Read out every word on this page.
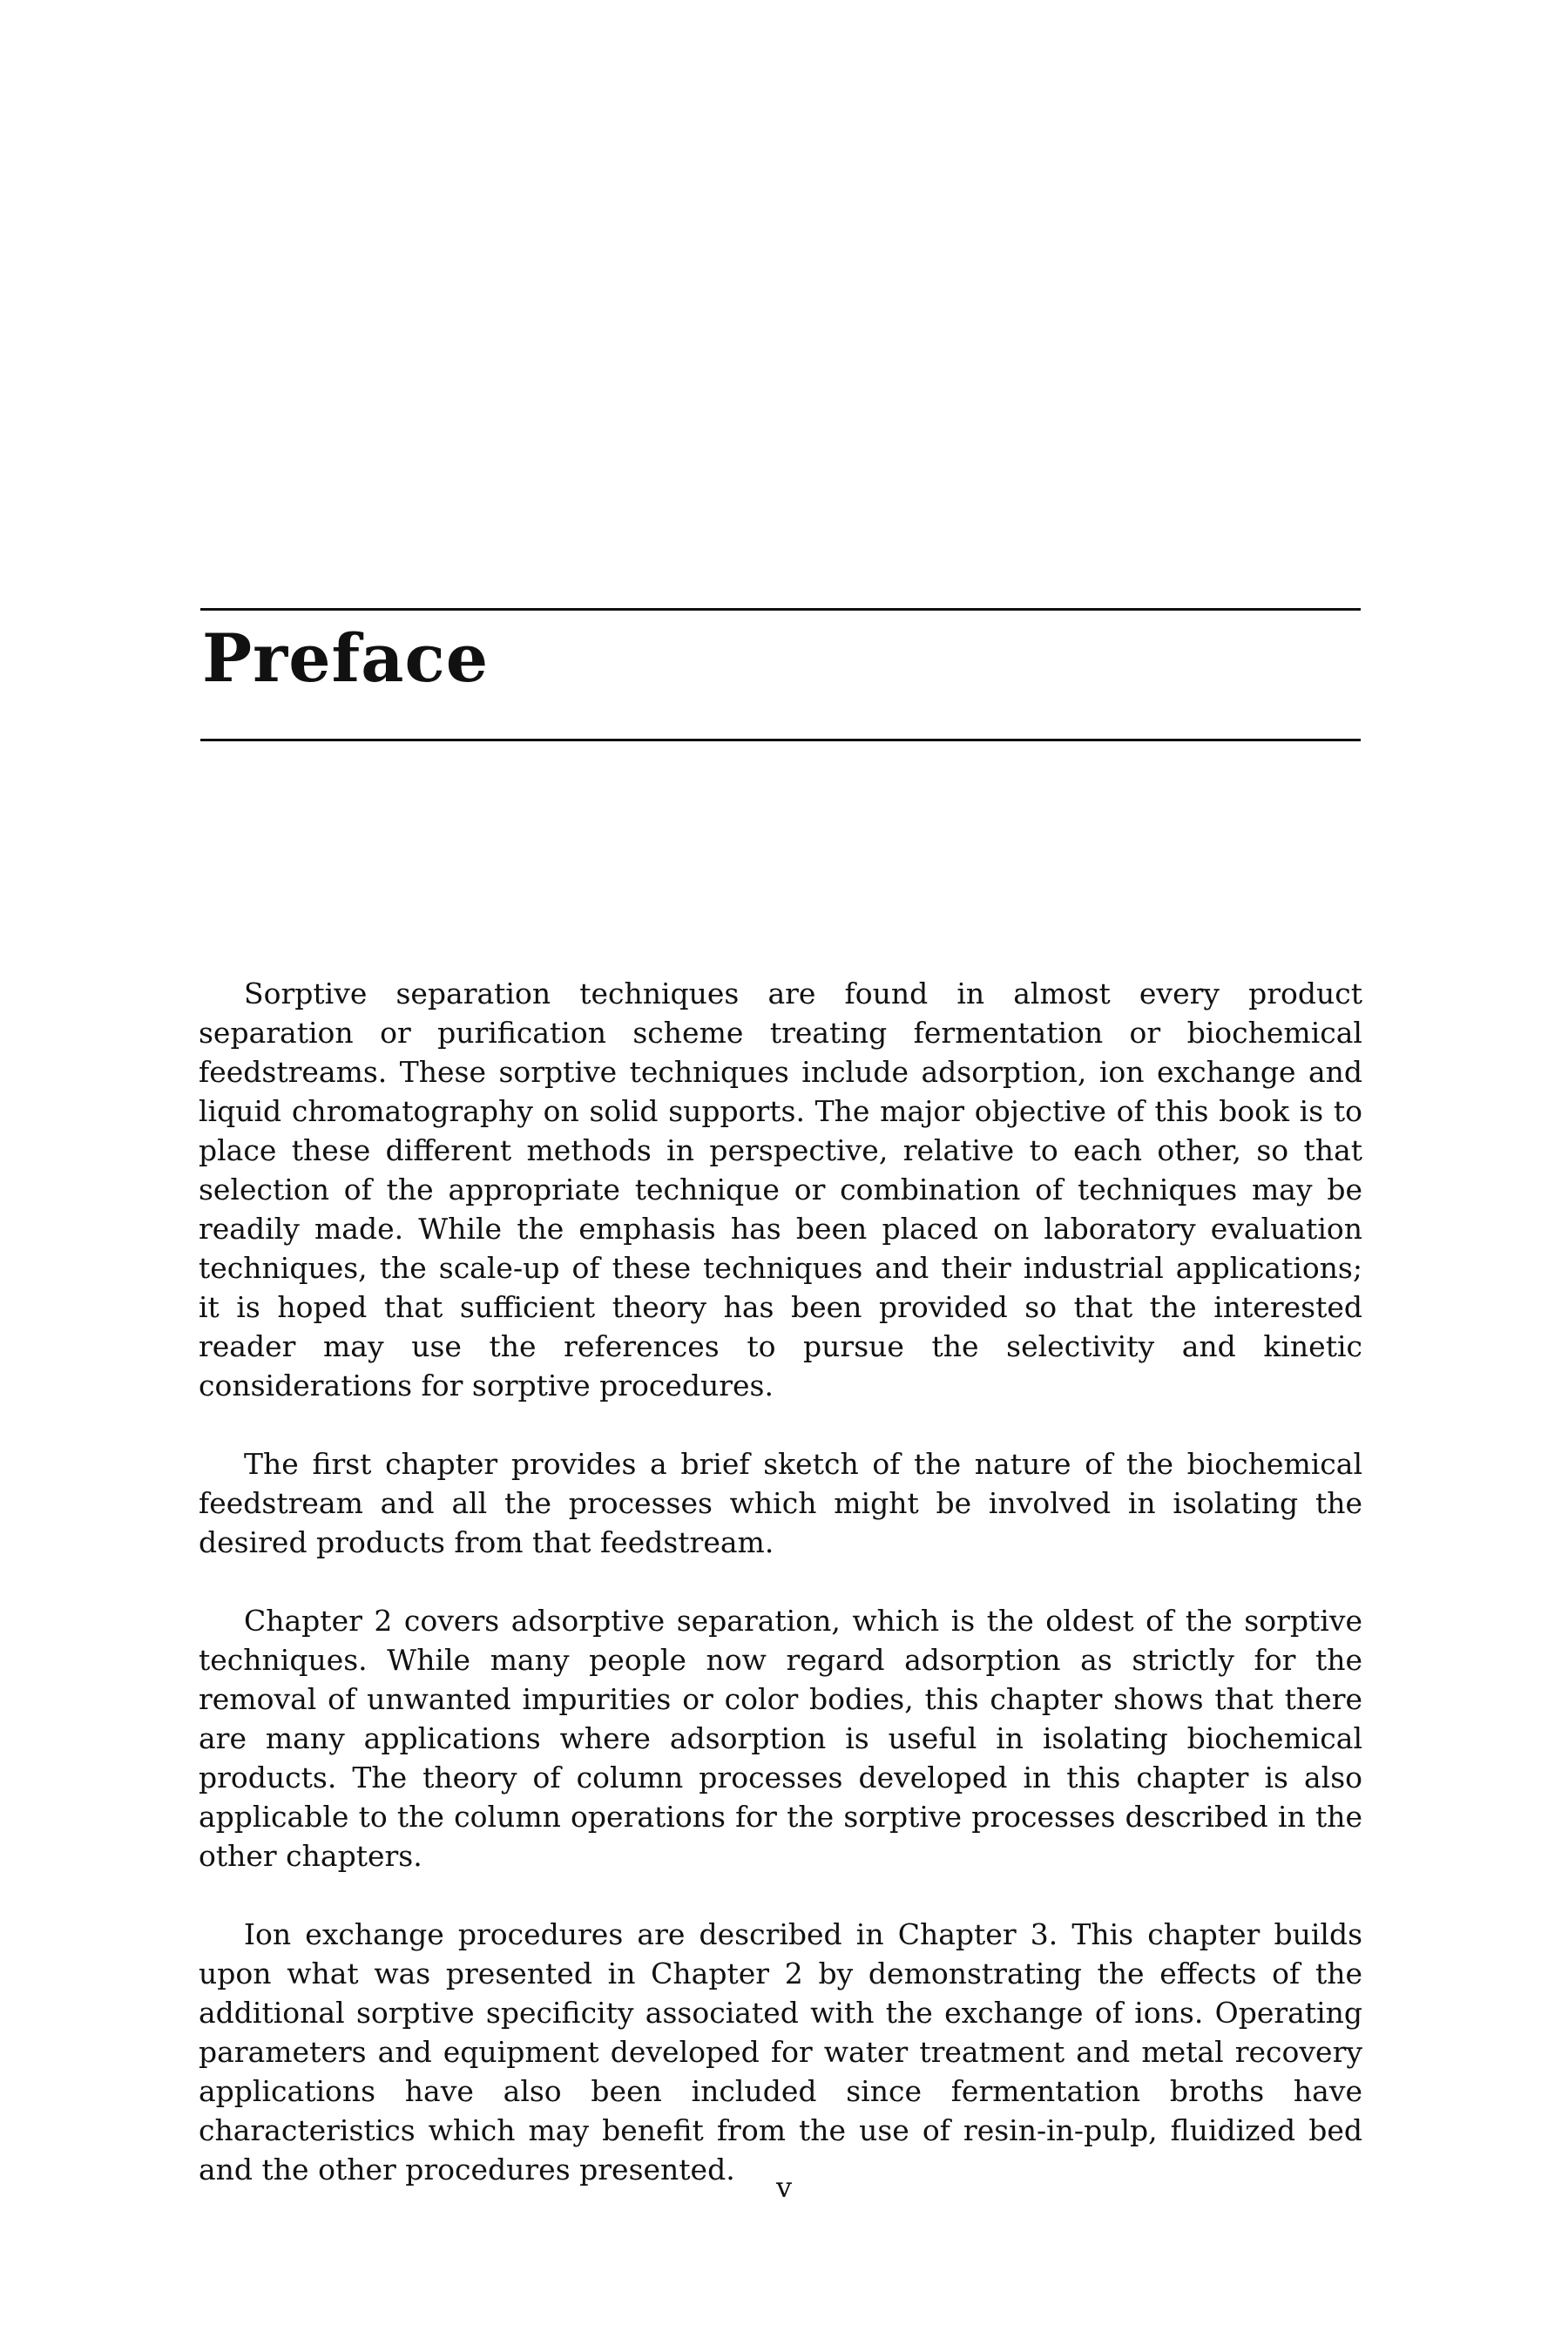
Preface

Sorptive separation techniques are found in almost every product separation or purification scheme treating fermentation or biochemical feedstreams. These sorptive techniques include adsorption, ion exchange and liquid chromatography on solid supports. The major objective of this book is to place these different methods in perspective, relative to each other, so that selection of the appropriate technique or combination of techniques may be readily made. While the emphasis has been placed on laboratory evaluation techniques, the scale-up of these techniques and their industrial applications; it is hoped that sufficient theory has been provided so that the interested reader may use the references to pursue the selectivity and kinetic considerations for sorptive procedures.

The first chapter provides a brief sketch of the nature of the biochemical feedstream and all the processes which might be involved in isolating the desired products from that feedstream.

Chapter 2 covers adsorptive separation, which is the oldest of the sorptive techniques. While many people now regard adsorption as strictly for the removal of unwanted impurities or color bodies, this chapter shows that there are many applications where adsorption is useful in isolating biochemical products. The theory of column processes developed in this chapter is also applicable to the column operations for the sorptive processes described in the other chapters.

Ion exchange procedures are described in Chapter 3. This chapter builds upon what was presented in Chapter 2 by demonstrating the effects of the additional sorptive specificity associated with the exchange of ions. Operating parameters and equipment developed for water treatment and metal recovery applications have also been included since fermentation broths have characteristics which may benefit from the use of resin-in-pulp, fluidized bed and the other procedures presented.

v
